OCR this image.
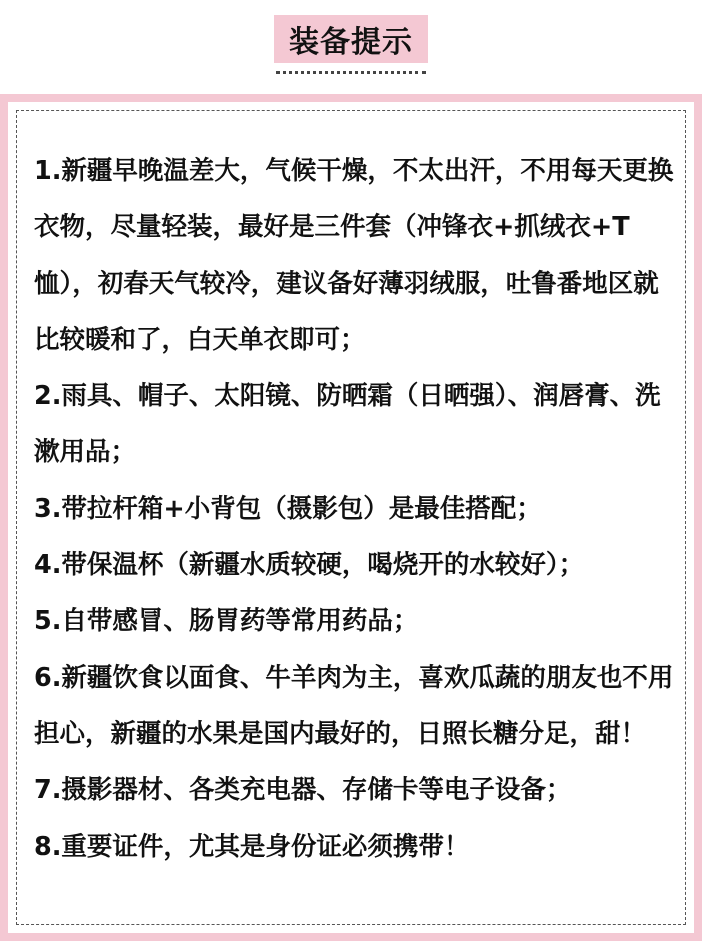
装备提示

1.新疆早晚温差大，气候干燥，不太出汗，不用每天更换衣物，尽量轻装，最好是三件套（冲锋衣+抓绒衣+T恤），初春天气较冷，建议备好薄羽绒服，吐鲁番地区就比较暖和了，白天单衣即可；

2.雨具、帽子、太阳镜、防晒霜（日晒强）、润唇膏、洗漱用品；

3.带拉杆箱+小背包（摄影包）是最佳搭配；

4.带保温杯（新疆水质较硬，喝烧开的水较好）；

5.自带感冒、肠胃药等常用药品；

6.新疆饮食以面食、牛羊肉为主，喜欢瓜蔬的朋友也不用担心，新疆的水果是国内最好的，日照长糖分足，甜！

7.摄影器材、各类充电器、存储卡等电子设备；

8.重要证件，尤其是身份证必须携带！
